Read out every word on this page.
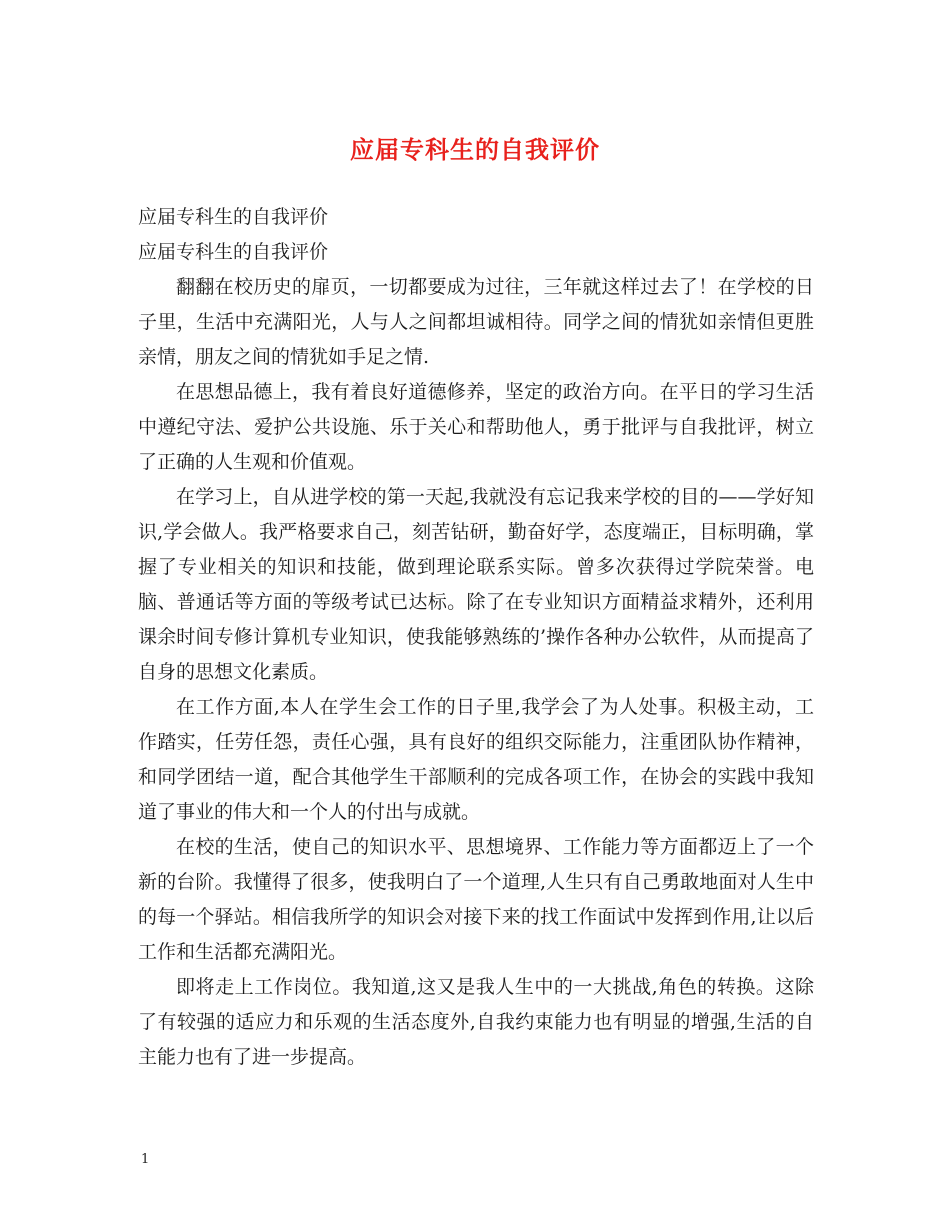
应届专科生的自我评价

应届专科生的自我评价

应届专科生的自我评价

翻翻在校历史的扉页，一切都要成为过往，三年就这样过去了！在学校的日子里，生活中充满阳光，人与人之间都坦诚相待。同学之间的情犹如亲情但更胜亲情，朋友之间的情犹如手足之情.

在思想品德上，我有着良好道德修养，坚定的政治方向。在平日的学习生活中遵纪守法、爱护公共设施、乐于关心和帮助他人，勇于批评与自我批评，树立了正确的人生观和价值观。

在学习上，自从进学校的第一天起,我就没有忘记我来学校的目的——学好知识,学会做人。我严格要求自己，刻苦钻研，勤奋好学，态度端正，目标明确，掌握了专业相关的知识和技能，做到理论联系实际。曾多次获得过学院荣誉。电脑、普通话等方面的等级考试已达标。除了在专业知识方面精益求精外，还利用课余时间专修计算机专业知识，使我能够熟练的’操作各种办公软件，从而提高了自身的思想文化素质。

在工作方面,本人在学生会工作的日子里,我学会了为人处事。积极主动，工作踏实，任劳任怨，责任心强，具有良好的组织交际能力，注重团队协作精神，和同学团结一道，配合其他学生干部顺利的完成各项工作，在协会的实践中我知道了事业的伟大和一个人的付出与成就。

在校的生活，使自己的知识水平、思想境界、工作能力等方面都迈上了一个新的台阶。我懂得了很多，使我明白了一个道理,人生只有自己勇敢地面对人生中的每一个驿站。相信我所学的知识会对接下来的找工作面试中发挥到作用,让以后工作和生活都充满阳光。

即将走上工作岗位。我知道,这又是我人生中的一大挑战,角色的转换。这除了有较强的适应力和乐观的生活态度外,自我约束能力也有明显的增强,生活的自主能力也有了进一步提高。

1
